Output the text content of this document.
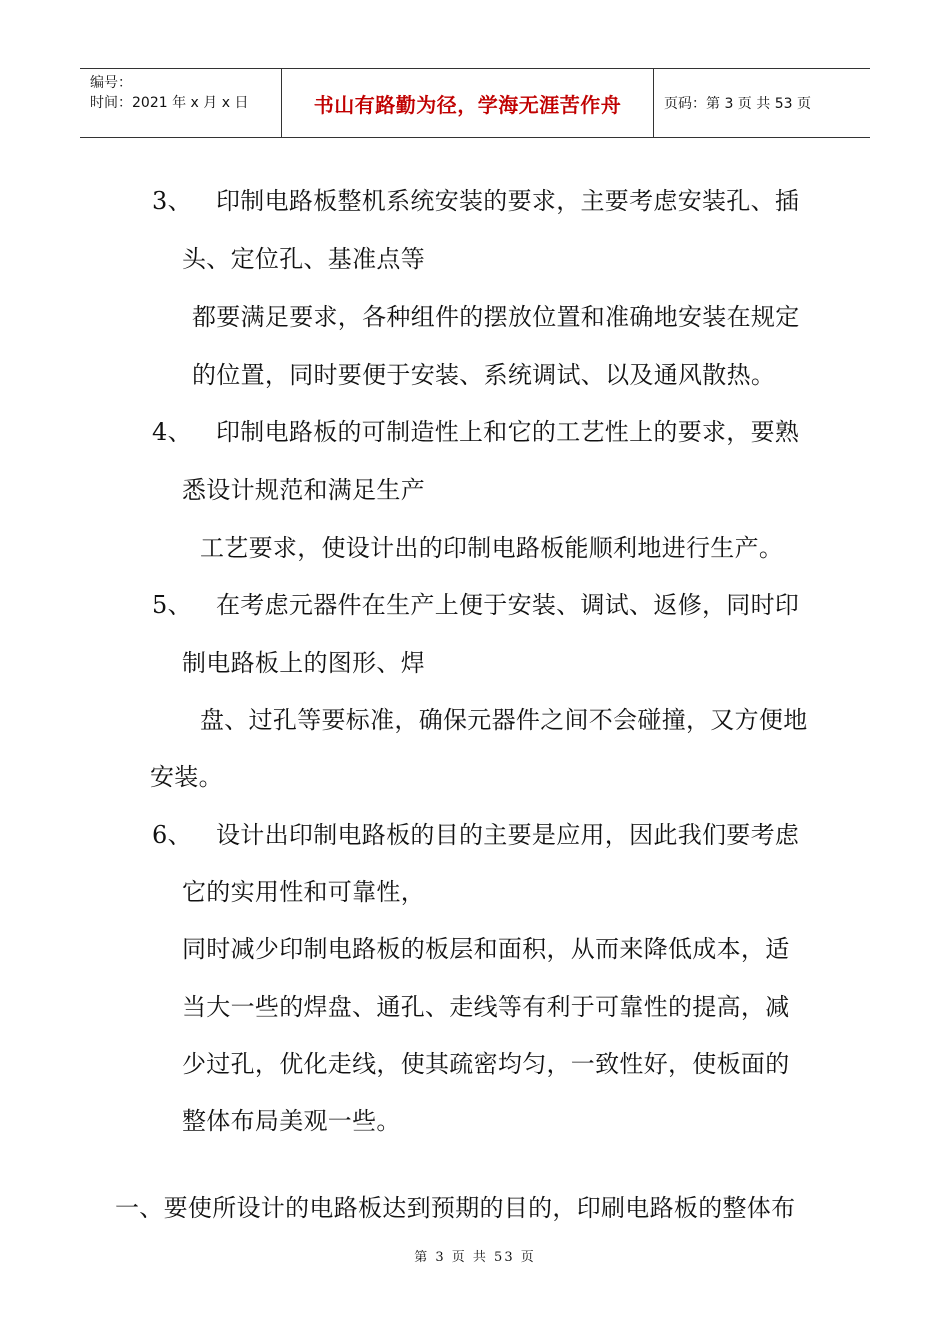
编号：
时间：2021 年 x 月 x 日	书山有路勤为径，学海无涯苦作舟	页码：第 3 页 共 53 页
3、 印制电路板整机系统安装的要求，主要考虑安装孔、插
头、定位孔、基准点等
都要满足要求，各种组件的摆放位置和准确地安装在规定
的位置，同时要便于安装、系统调试、以及通风散热。
4、 印制电路板的可制造性上和它的工艺性上的要求，要熟
悉设计规范和满足生产
工艺要求，使设计出的印制电路板能顺利地进行生产。
5、 在考虑元器件在生产上便于安装、调试、返修，同时印
制电路板上的图形、焊
盘、过孔等要标准，确保元器件之间不会碰撞，又方便地
安装。
6、 设计出印制电路板的目的主要是应用，因此我们要考虑
它的实用性和可靠性，
同时减少印制电路板的板层和面积，从而来降低成本，适
当大一些的焊盘、通孔、走线等有利于可靠性的提高，减
少过孔，优化走线，使其疏密均匀，一致性好，使板面的
整体布局美观一些。
一、要使所设计的电路板达到预期的目的，印刷电路板的整体布
第 3 页 共 53 页
